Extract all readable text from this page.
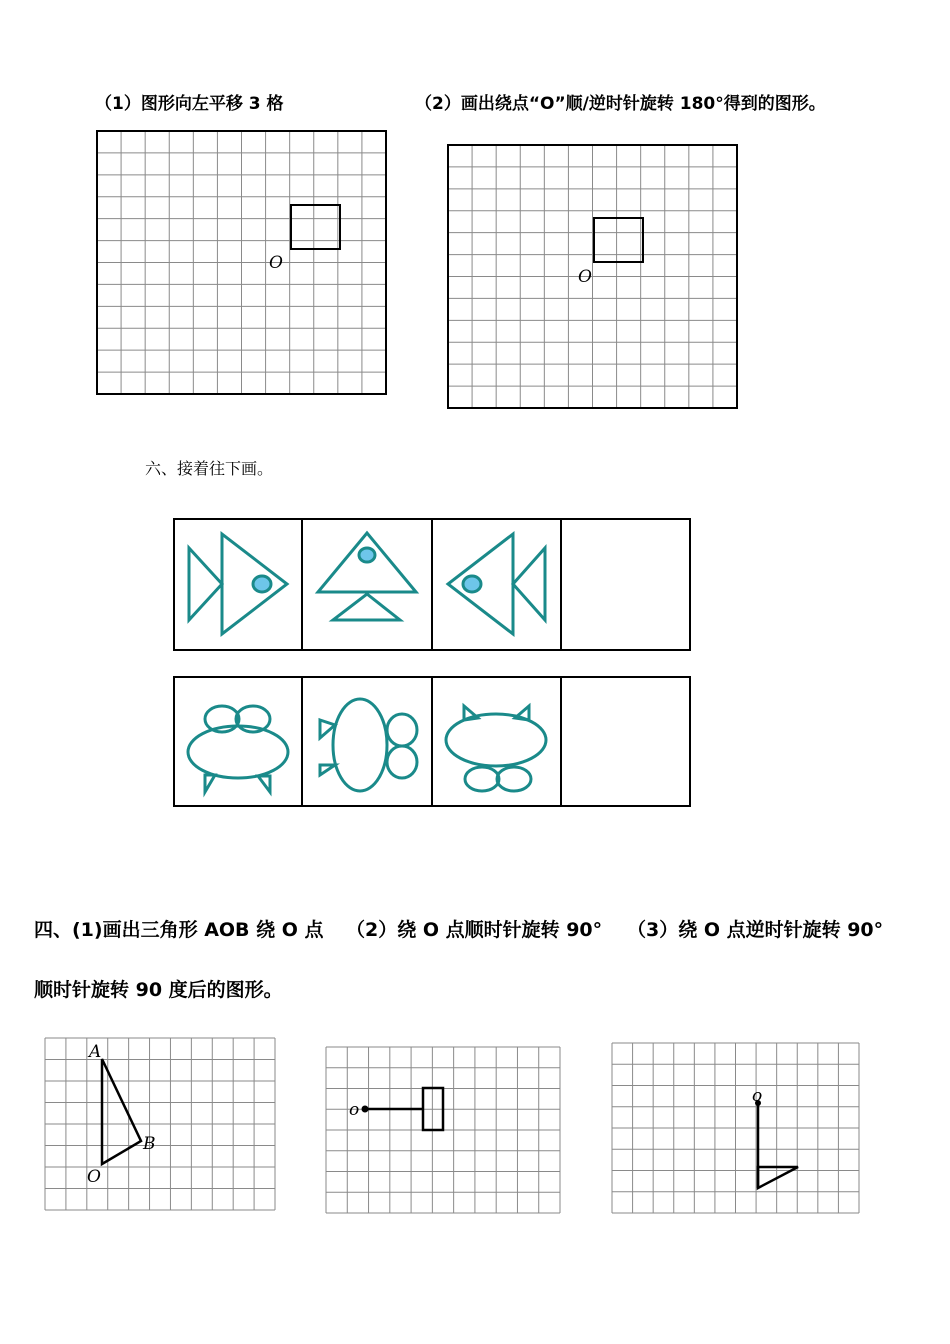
（1）图形向左平移 3 格	（2）画出绕点“O”顺/逆时针旋转 180°得到的图形。
六、接着往下画。
四、(1)画出三角形 AOB 绕 O 点 （2）绕 O 点顺时针旋转 90° （3）绕 O 点逆时针旋转 90°
顺时针旋转 90 度后的图形。
O
O
A
B
O
o
o
